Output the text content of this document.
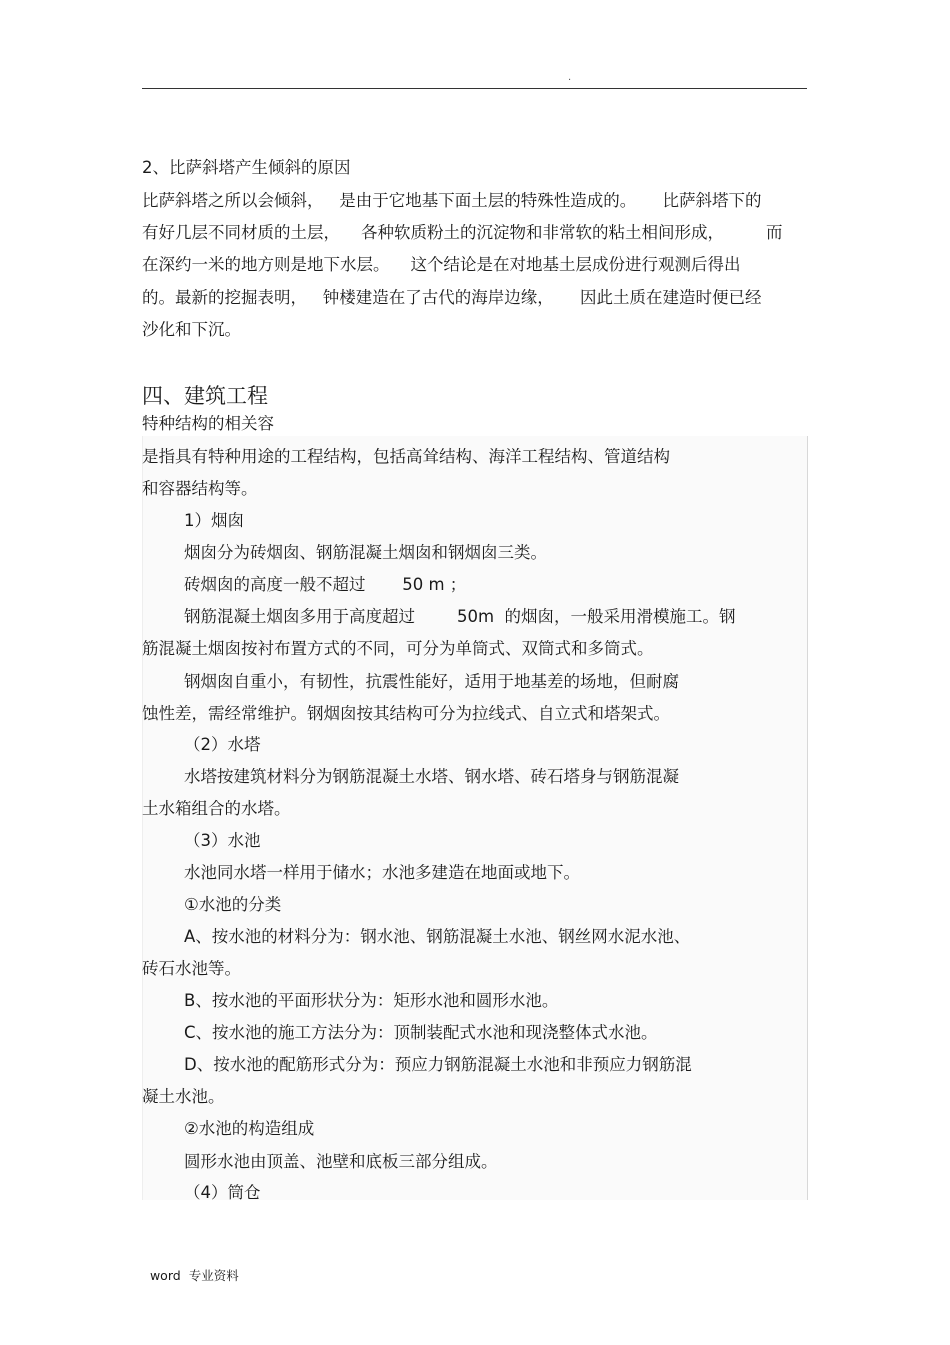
.
2、比萨斜塔产生倾斜的原因
比萨斜塔之所以会倾斜，   是由于它地基下面土层的特殊性造成的。     比萨斜塔下的
有好几层不同材质的土层，    各种软质粉土的沉淀物和非常软的粘土相间形成，        而
在深约一米的地方则是地下水层。    这个结论是在对地基土层成份进行观测后得出
的。最新的挖掘表明，   钟楼建造在了古代的海岸边缘，     因此土质在建造时便已经
沙化和下沉。
四、建筑工程
特种结构的相关容
是指具有特种用途的工程结构，包括高耸结构、海洋工程结构、管道结构
和容器结构等。
1）烟囱
烟囱分为砖烟囱、钢筋混凝土烟囱和钢烟囱三类。
砖烟囱的高度一般不超过       50 m ；
钢筋混凝土烟囱多用于高度超过        50m  的烟囱，一般采用滑模施工。钢
筋混凝土烟囱按衬布置方式的不同，可分为单筒式、双筒式和多筒式。
钢烟囱自重小，有韧性，抗震性能好，适用于地基差的场地，但耐腐
蚀性差，需经常维护。钢烟囱按其结构可分为拉线式、自立式和塔架式。
（2）水塔
水塔按建筑材料分为钢筋混凝土水塔、钢水塔、砖石塔身与钢筋混凝
土水箱组合的水塔。
（3）水池
水池同水塔一样用于储水；水池多建造在地面或地下。
①水池的分类
A、按水池的材料分为：钢水池、钢筋混凝土水池、钢丝网水泥水池、
砖石水池等。
B、按水池的平面形状分为：矩形水池和圆形水池。
C、按水池的施工方法分为：顶制装配式水池和现浇整体式水池。
D、按水池的配筋形式分为：预应力钢筋混凝土水池和非预应力钢筋混
凝土水池。
②水池的构造组成
圆形水池由顶盖、池壁和底板三部分组成。
（4）筒仓

word 专业资料
